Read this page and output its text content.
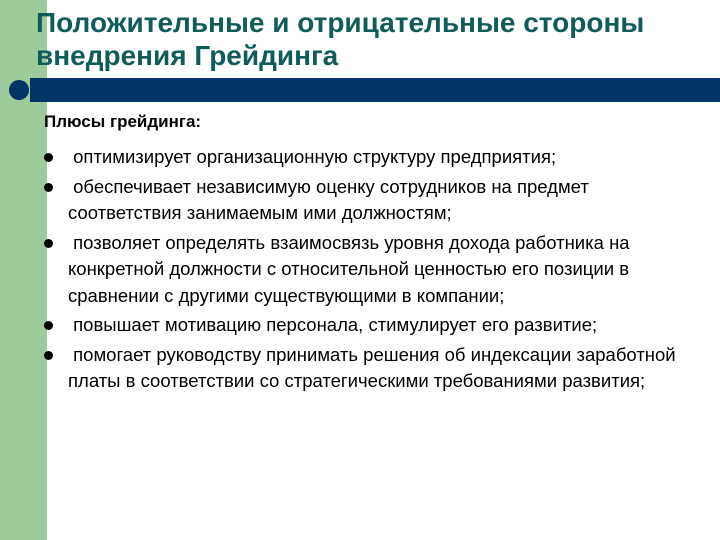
Положительные и отрицательные стороны внедрения Грейдинга

Плюсы грейдинга:

оптимизирует организационную структуру предприятия;
обеспечивает независимую оценку сотрудников на предмет соответствия занимаемым ими должностям;
позволяет определять взаимосвязь уровня дохода работника на конкретной должности с относительной ценностью его позиции в сравнении с другими существующими в компании;
повышает мотивацию персонала, стимулирует его развитие;
помогает руководству принимать решения об индексации заработной платы в соответствии со стратегическими требованиями развития;
